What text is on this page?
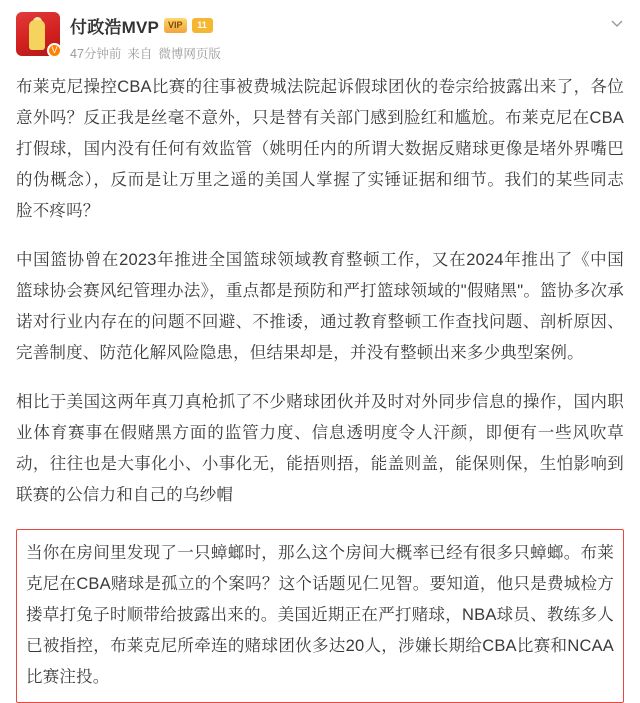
V
付政浩MVP	VIP	11
47分钟前 来自 微博网页版

布莱克尼操控CBA比赛的往事被费城法院起诉假球团伙的卷宗给披露出来了，各位意外吗？反正我是丝毫不意外，只是替有关部门感到脸红和尴尬。布莱克尼在CBA打假球，国内没有任何有效监管（姚明任内的所谓大数据反赌球更像是堵外界嘴巴的伪概念），反而是让万里之遥的美国人掌握了实锤证据和细节。我们的某些同志脸不疼吗？

中国篮协曾在2023年推进全国篮球领域教育整顿工作，又在2024年推出了《中国篮球协会赛风纪管理办法》，重点都是预防和严打篮球领域的"假赌黑"。篮协多次承诺对行业内存在的问题不回避、不推诿，通过教育整顿工作查找问题、剖析原因、完善制度、防范化解风险隐患，但结果却是，并没有整顿出来多少典型案例。

相比于美国这两年真刀真枪抓了不少赌球团伙并及时对外同步信息的操作，国内职业体育赛事在假赌黑方面的监管力度、信息透明度令人汗颜，即便有一些风吹草动，往往也是大事化小、小事化无，能捂则捂，能盖则盖，能保则保，生怕影响到联赛的公信力和自己的乌纱帽

当你在房间里发现了一只蟑螂时，那么这个房间大概率已经有很多只蟑螂。布莱克尼在CBA赌球是孤立的个案吗？这个话题见仁见智。要知道，他只是费城检方搂草打兔子时顺带给披露出来的。美国近期正在严打赌球，NBA球员、教练多人已被指控，布莱克尼所牵连的赌球团伙多达20人，涉嫌长期给CBA比赛和NCAA比赛注投。
